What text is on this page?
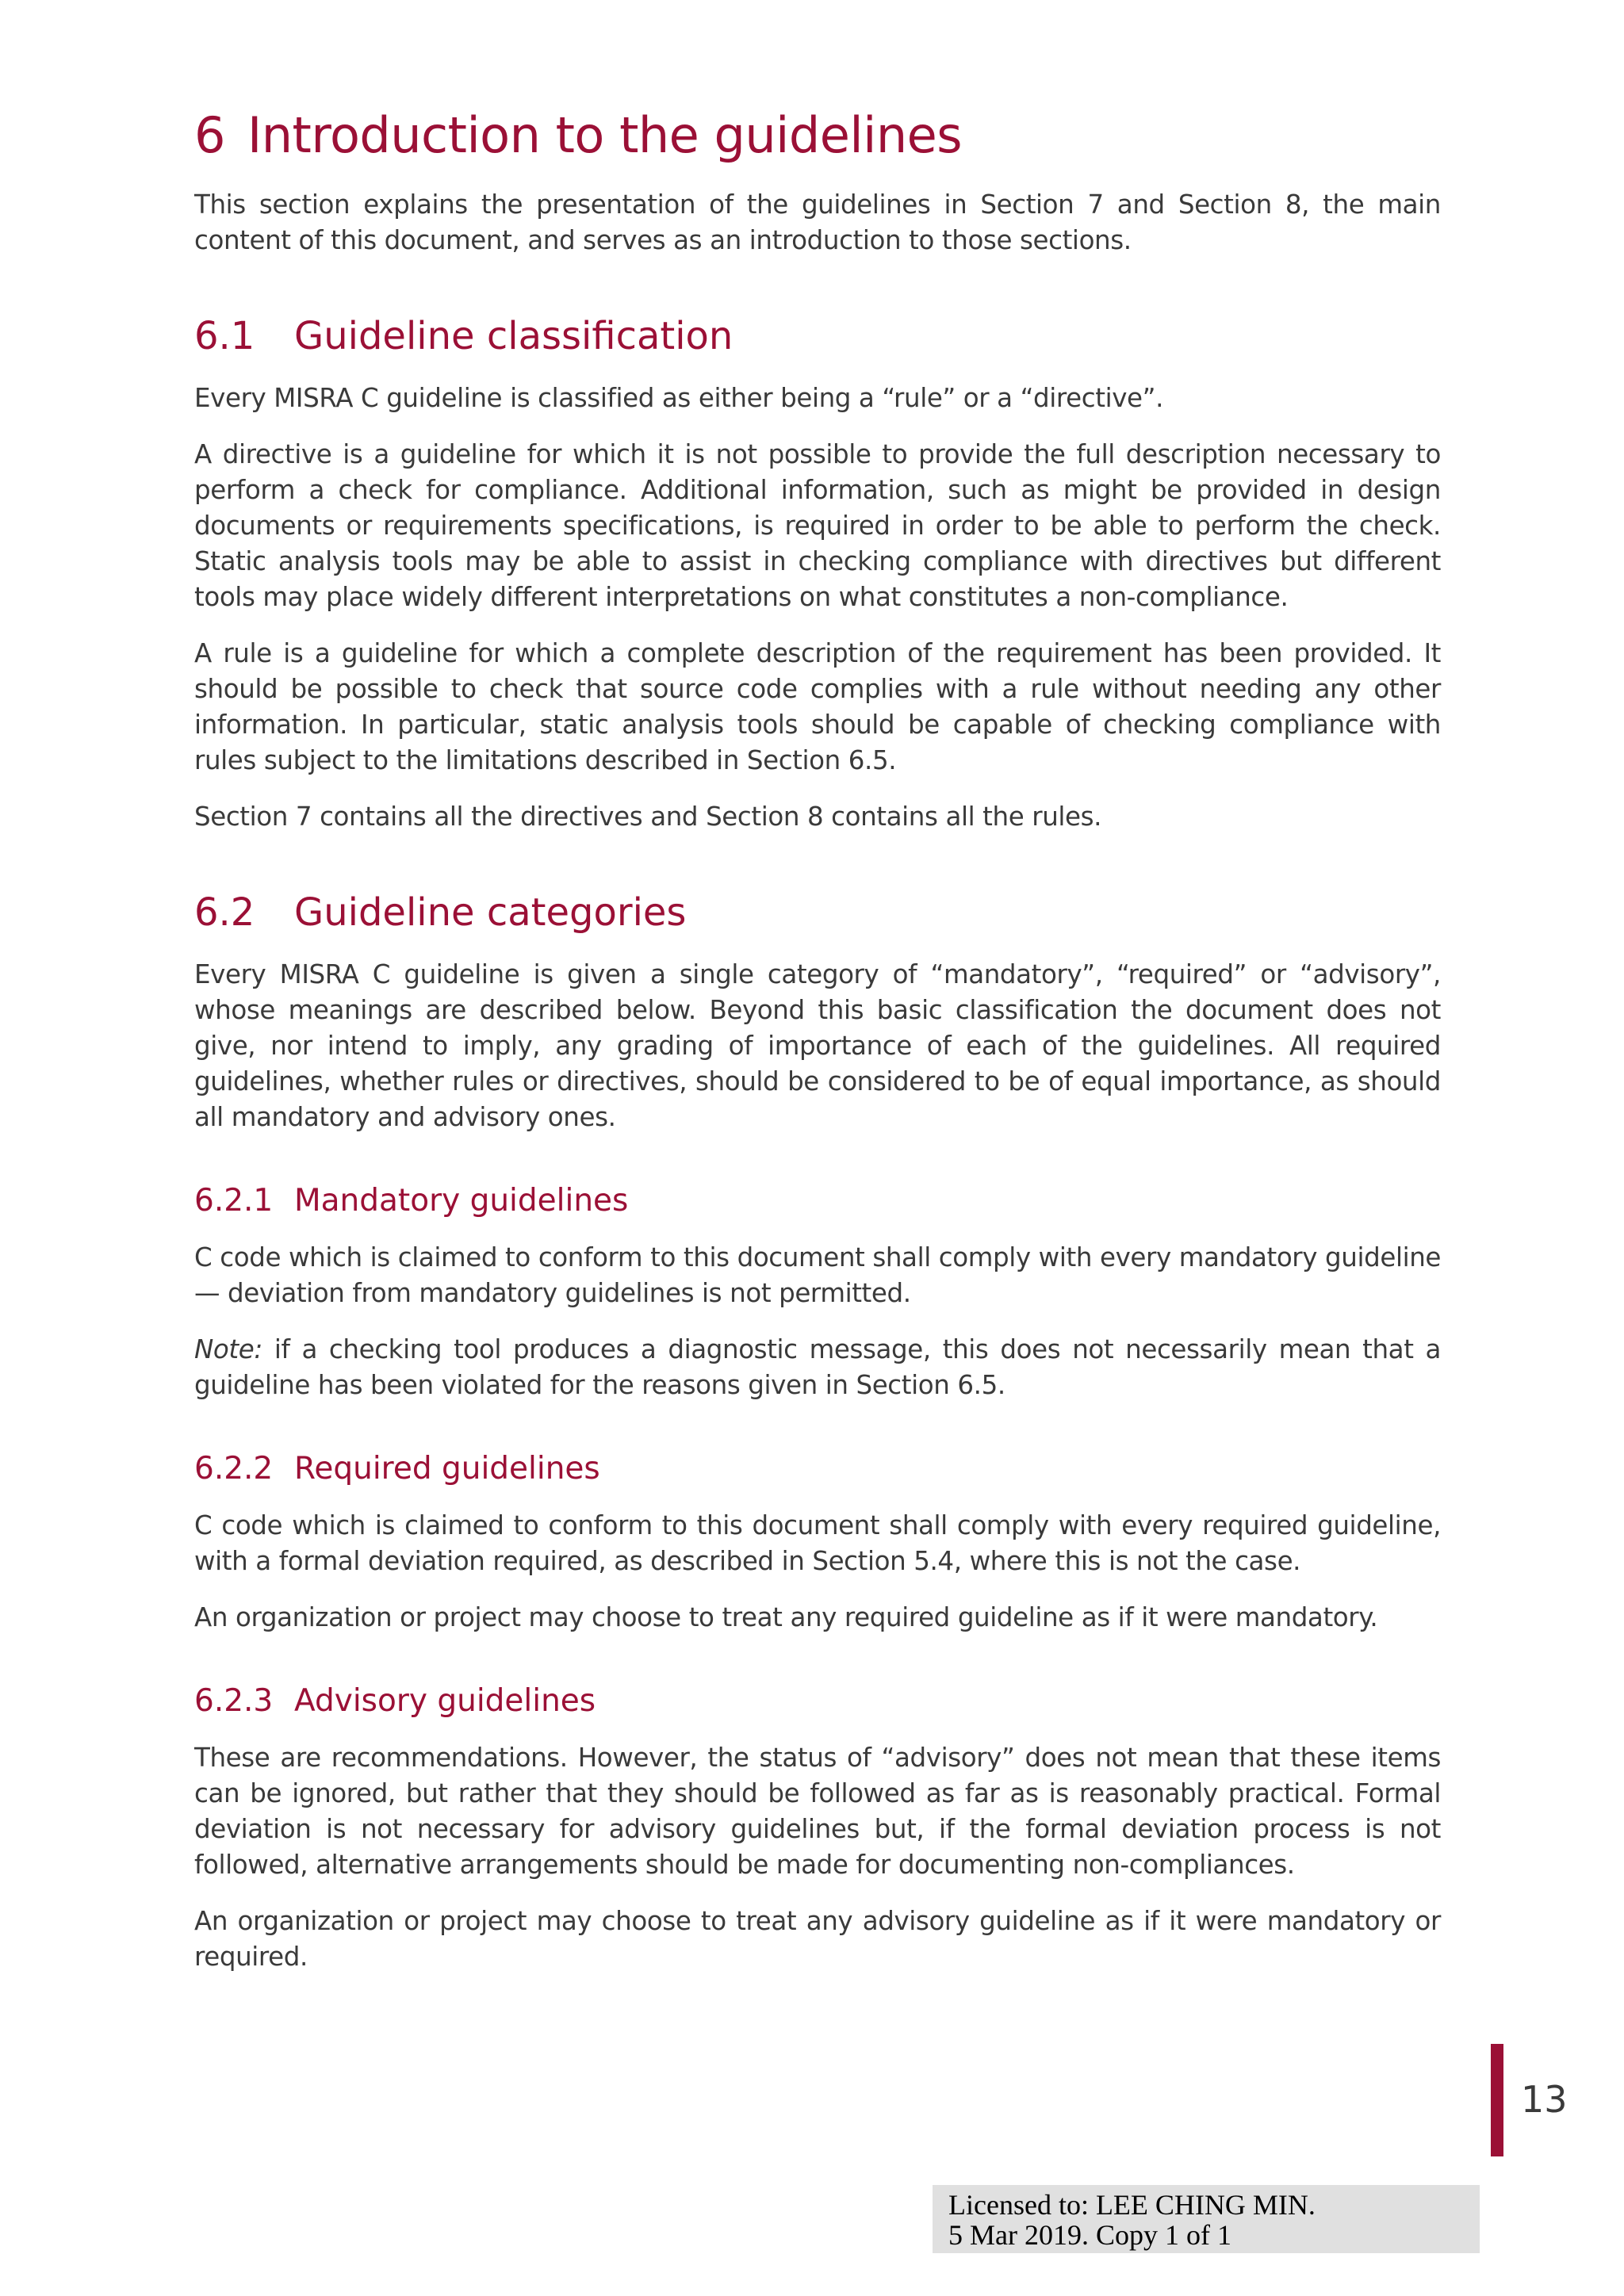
6 Introduction to the guidelines

This section explains the presentation of the guidelines in Section 7 and Section 8, the main content of this document, and serves as an introduction to those sections.

6.1 Guideline classification

Every MISRA C guideline is classified as either being a “rule” or a “directive”.

A directive is a guideline for which it is not possible to provide the full description necessary to perform a check for compliance. Additional information, such as might be provided in design documents or requirements specifications, is required in order to be able to perform the check. Static analysis tools may be able to assist in checking compliance with directives but different tools may place widely different interpretations on what constitutes a non-compliance.

A rule is a guideline for which a complete description of the requirement has been provided. It should be possible to check that source code complies with a rule without needing any other information. In particular, static analysis tools should be capable of checking compliance with rules subject to the limitations described in Section 6.5.

Section 7 contains all the directives and Section 8 contains all the rules.

6.2 Guideline categories

Every MISRA C guideline is given a single category of “mandatory”, “required” or “advisory”, whose meanings are described below. Beyond this basic classification the document does not give, nor intend to imply, any grading of importance of each of the guidelines. All required guidelines, whether rules or directives, should be considered to be of equal importance, as should all mandatory and advisory ones.

6.2.1 Mandatory guidelines

C code which is claimed to conform to this document shall comply with every mandatory guideline — deviation from mandatory guidelines is not permitted.

Note: if a checking tool produces a diagnostic message, this does not necessarily mean that a guideline has been violated for the reasons given in Section 6.5.

6.2.2 Required guidelines

C code which is claimed to conform to this document shall comply with every required guideline, with a formal deviation required, as described in Section 5.4, where this is not the case.

An organization or project may choose to treat any required guideline as if it were mandatory.

6.2.3 Advisory guidelines

These are recommendations. However, the status of “advisory” does not mean that these items can be ignored, but rather that they should be followed as far as is reasonably practical. Formal deviation is not necessary for advisory guidelines but, if the formal deviation process is not followed, alternative arrangements should be made for documenting non-compliances.

An organization or project may choose to treat any advisory guideline as if it were mandatory or required.

13
Licensed to: LEE CHING MIN.
5 Mar 2019. Copy 1 of 1
